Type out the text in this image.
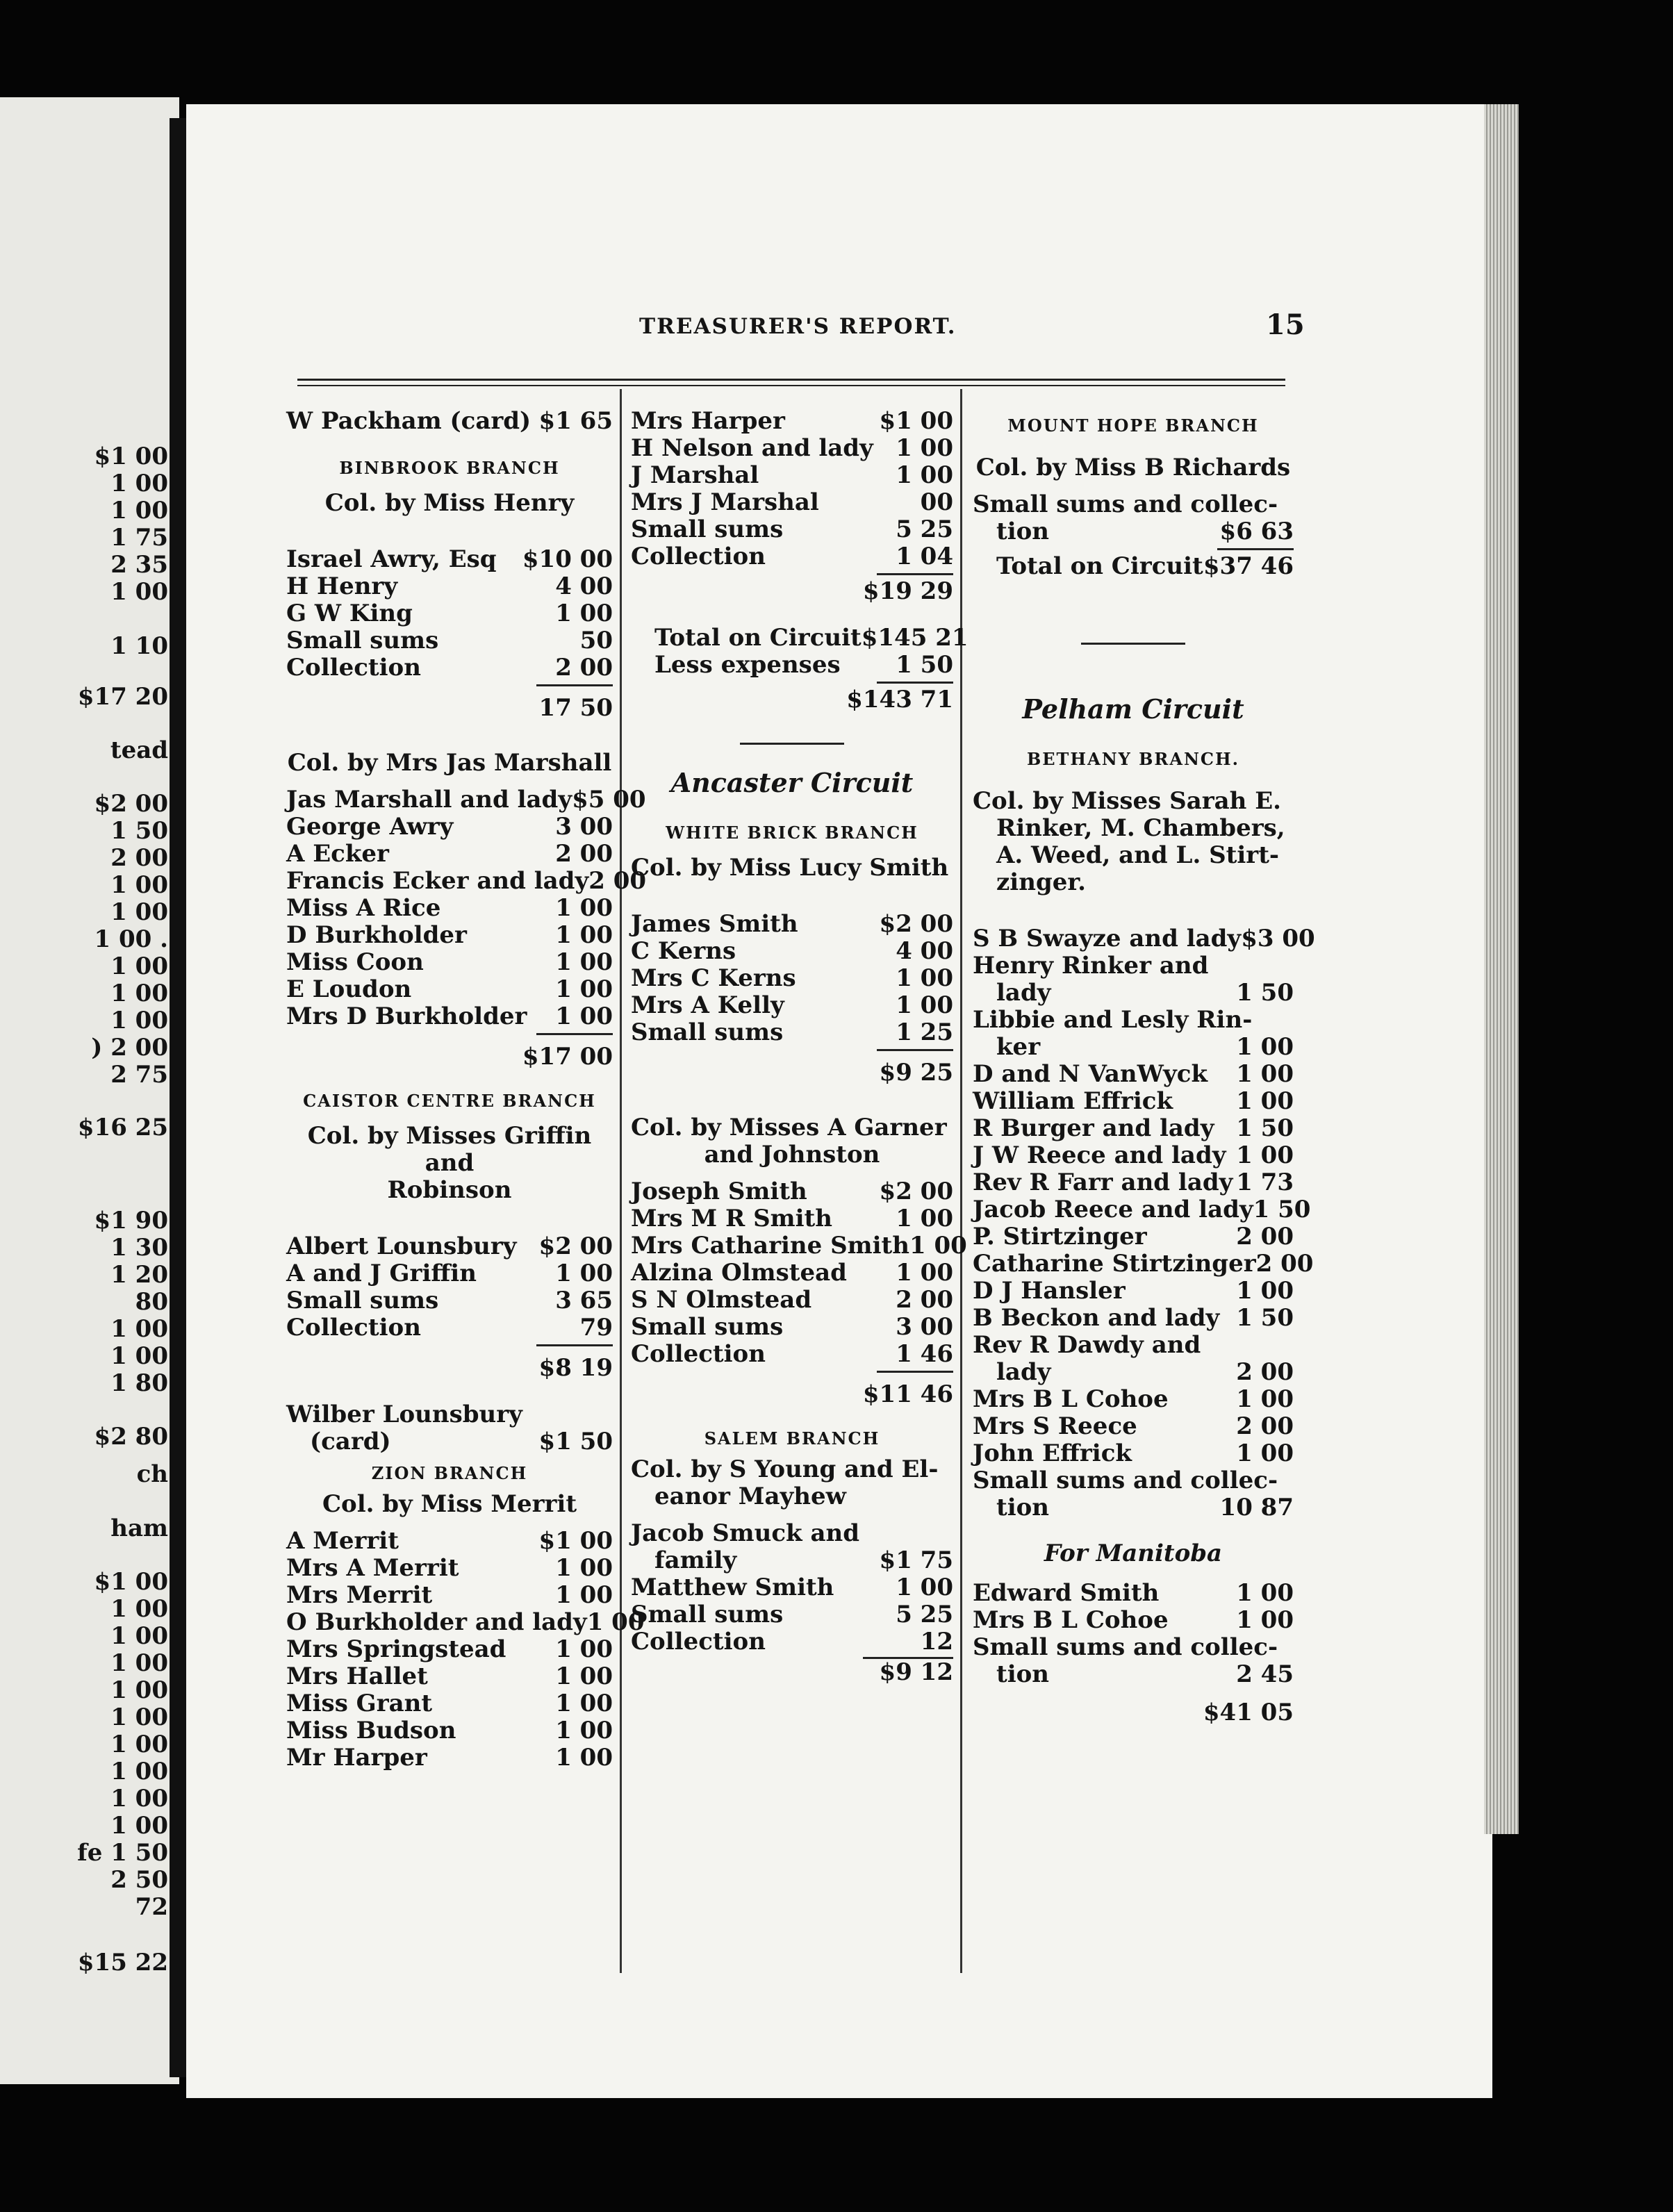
$1 00
1 00
1 00
1 75
2 35
1 00
1 10
$17 20
tead
$2 00
1 50
2 00
1 00
1 00
1 00 .
1 00
1 00
1 00
) 2 00
2 75
$16 25
$1 90
1 30
1 20
80
1 00
1 00
1 80
$2 80
ch
ham
$1 00
1 00
1 00
1 00
1 00
1 00
1 00
1 00
1 00
1 00
fe 1 50
2 50
72
$15 22
TREASURER'S REPORT.	15
W Packham (card) $1 65
BINBROOK BRANCH
Col. by Miss Henry
Israel Awry, Esq $10 00
H Henry	4 00
G W King	1 00
Small sums	50
Collection	2 00
17 50
Col. by Mrs Jas Marshall
Jas Marshall and lady $5 00
George Awry	3 00
A Ecker	2 00
Francis Ecker and lady 2 00
Miss A Rice	1 00
D Burkholder	1 00
Miss Coon	1 00
E Loudon	1 00
Mrs D Burkholder 1 00
$17 00
CAISTOR CENTRE BRANCH
Col. by Misses Griffin and
Robinson
Albert Lounsbury $2 00
A and J Griffin	1 00
Small sums	3 65
Collection	79
$8 19
Wilber Lounsbury
(card)	$1 50
ZION BRANCH
Col. by Miss Merrit
A Merrit	$1 00
Mrs A Merrit	1 00
Mrs Merrit	1 00
O Burkholder and lady 1 00
Mrs Springstead 1 00
Mrs Hallet	1 00
Miss Grant	1 00
Miss Budson	1 00
Mr Harper	1 00
Mrs Harper	$1 00
H Nelson and lady 1 00
J Marshal	1 00
Mrs J Marshal	00
Small sums	5 25
Collection	1 04
$19 29
Total on Circuit $145 21
Less expenses 1 50
$143 71
Ancaster Circuit
WHITE BRICK BRANCH
Col. by Miss Lucy Smith
James Smith	$2 00
C Kerns	4 00
Mrs C Kerns	1 00
Mrs A Kelly	1 00
Small sums	1 25
$9 25
Col. by Misses A Garner
and Johnston
Joseph Smith	$2 00
Mrs M R Smith	1 00
Mrs Catharine Smith 1 00
Alzina Olmstead 1 00
S N Olmstead	2 00
Small sums	3 00
Collection	1 46
$11 46
SALEM BRANCH
Col. by S Young and El-
eanor Mayhew
Jacob Smuck and
family	$1 75
Matthew Smith	1 00
Small sums	5 25
Collection	12
$9 12
MOUNT HOPE BRANCH
Col. by Miss B Richards
Small sums and collec-
tion	$6 63
Total on Circuit $37 46
Pelham Circuit
BETHANY BRANCH.
Col. by Misses Sarah E.
Rinker, M. Chambers,
A. Weed, and L. Stirt-
zinger.
S B Swayze and lady $3 00
Henry Rinker and
lady	1 50
Libbie and Lesly Rin-
ker	1 00
D and N VanWyck 1 00
William Effrick	1 00
R Burger and lady 1 50
J W Reece and lady 1 00
Rev R Farr and lady 1 73
Jacob Reece and lady 1 50
P. Stirtzinger	2 00
Catharine Stirtzinger 2 00
D J Hansler	1 00
B Beckon and lady 1 50
Rev R Dawdy and
lady	2 00
Mrs B L Cohoe	1 00
Mrs S Reece	2 00
John Effrick	1 00
Small sums and collec-
tion	10 87
For Manitoba
Edward Smith	1 00
Mrs B L Cohoe	1 00
Small sums and collec-
tion	2 45
$41 05
